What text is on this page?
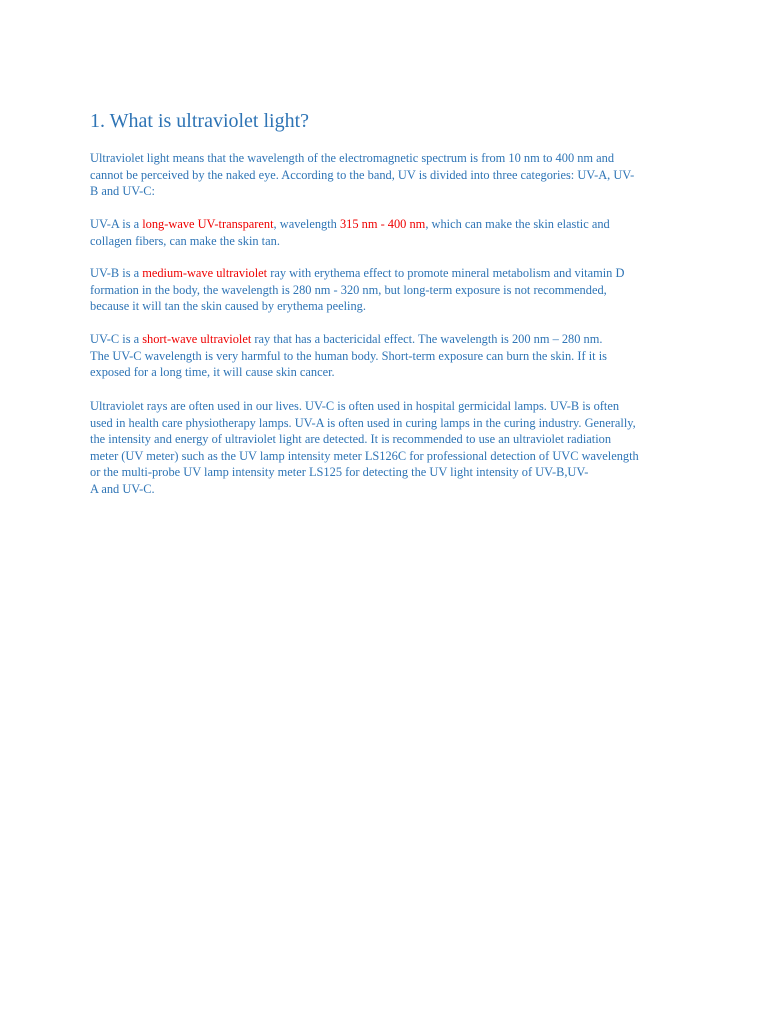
1. What is ultraviolet light?

Ultraviolet light means that the wavelength of the electromagnetic spectrum is from 10 nm to 400 nm and
cannot be perceived by the naked eye. According to the band, UV is divided into three categories: UV-A, UV-
B and UV-C:

UV-A is a long-wave UV-transparent, wavelength 315 nm - 400 nm, which can make the skin elastic and
collagen fibers, can make the skin tan.

UV-B is a medium-wave ultraviolet ray with erythema effect to promote mineral metabolism and vitamin D
formation in the body, the wavelength is 280 nm - 320 nm, but long-term exposure is not recommended,
because it will tan the skin caused by erythema peeling.

UV-C is a short-wave ultraviolet ray that has a bactericidal effect. The wavelength is 200 nm – 280 nm.
The UV-C wavelength is very harmful to the human body. Short-term exposure can burn the skin. If it is
exposed for a long time, it will cause skin cancer.

Ultraviolet rays are often used in our lives. UV-C is often used in hospital germicidal lamps. UV-B is often
used in health care physiotherapy lamps. UV-A is often used in curing lamps in the curing industry. Generally,
the intensity and energy of ultraviolet light are detected. It is recommended to use an ultraviolet radiation
meter (UV meter) such as the UV lamp intensity meter LS126C for professional detection of UVC wavelength
or the multi-probe UV lamp intensity meter LS125 for detecting the UV light intensity of UV-B,UV-
A and UV-C.
